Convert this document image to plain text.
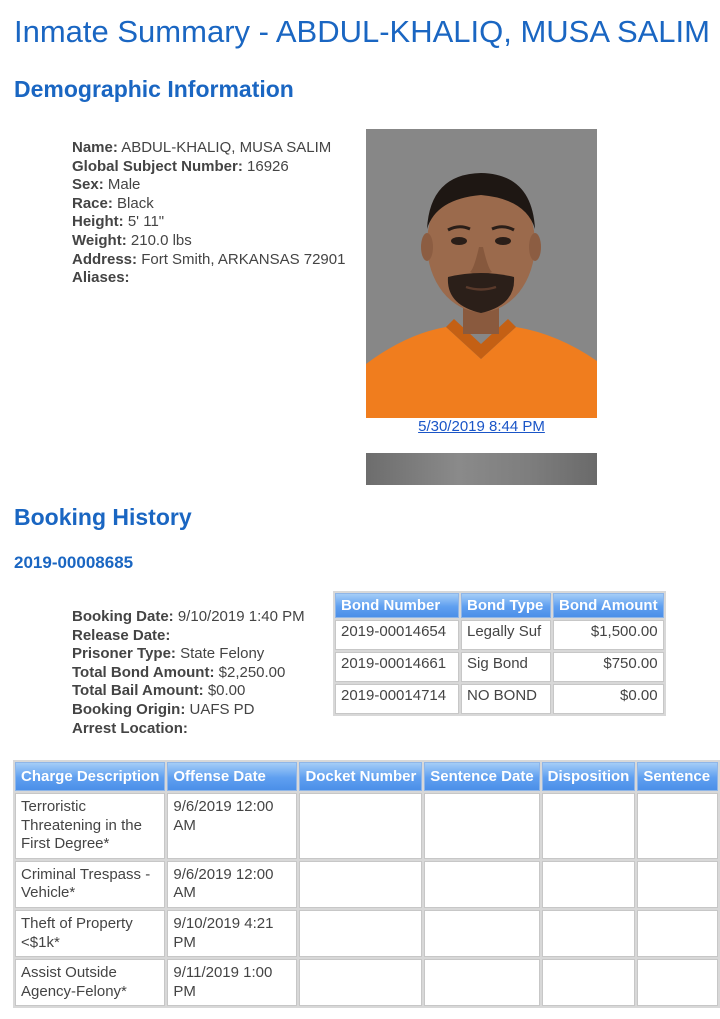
Inmate Summary - ABDUL-KHALIQ, MUSA SALIM
Demographic Information
Name: ABDUL-KHALIQ, MUSA SALIM
Global Subject Number: 16926
Sex: Male
Race: Black
Height: 5' 11"
Weight: 210.0 lbs
Address: Fort Smith, ARKANSAS 72901
Aliases:
5/30/2019 8:44 PM
Booking History
2019-00008685
Booking Date: 9/10/2019 1:40 PM
Release Date:
Prisoner Type: State Felony
Total Bond Amount: $2,250.00
Total Bail Amount: $0.00
Booking Origin: UAFS PD
Arrest Location:
Bond Number	Bond Type	Bond Amount
2019-00014654	Legally Suf	$1,500.00
2019-00014661	Sig Bond	$750.00
2019-00014714	NO BOND	$0.00
Charge Description	Offense Date	Docket Number	Sentence Date	Disposition	Sentence
Terroristic Threatening in the First Degree*	9/6/2019 12:00 AM				
Criminal Trespass - Vehicle*	9/6/2019 12:00 AM				
Theft of Property <$1k*	9/10/2019 4:21 PM				
Assist Outside Agency-Felony*	9/11/2019 1:00 PM				
